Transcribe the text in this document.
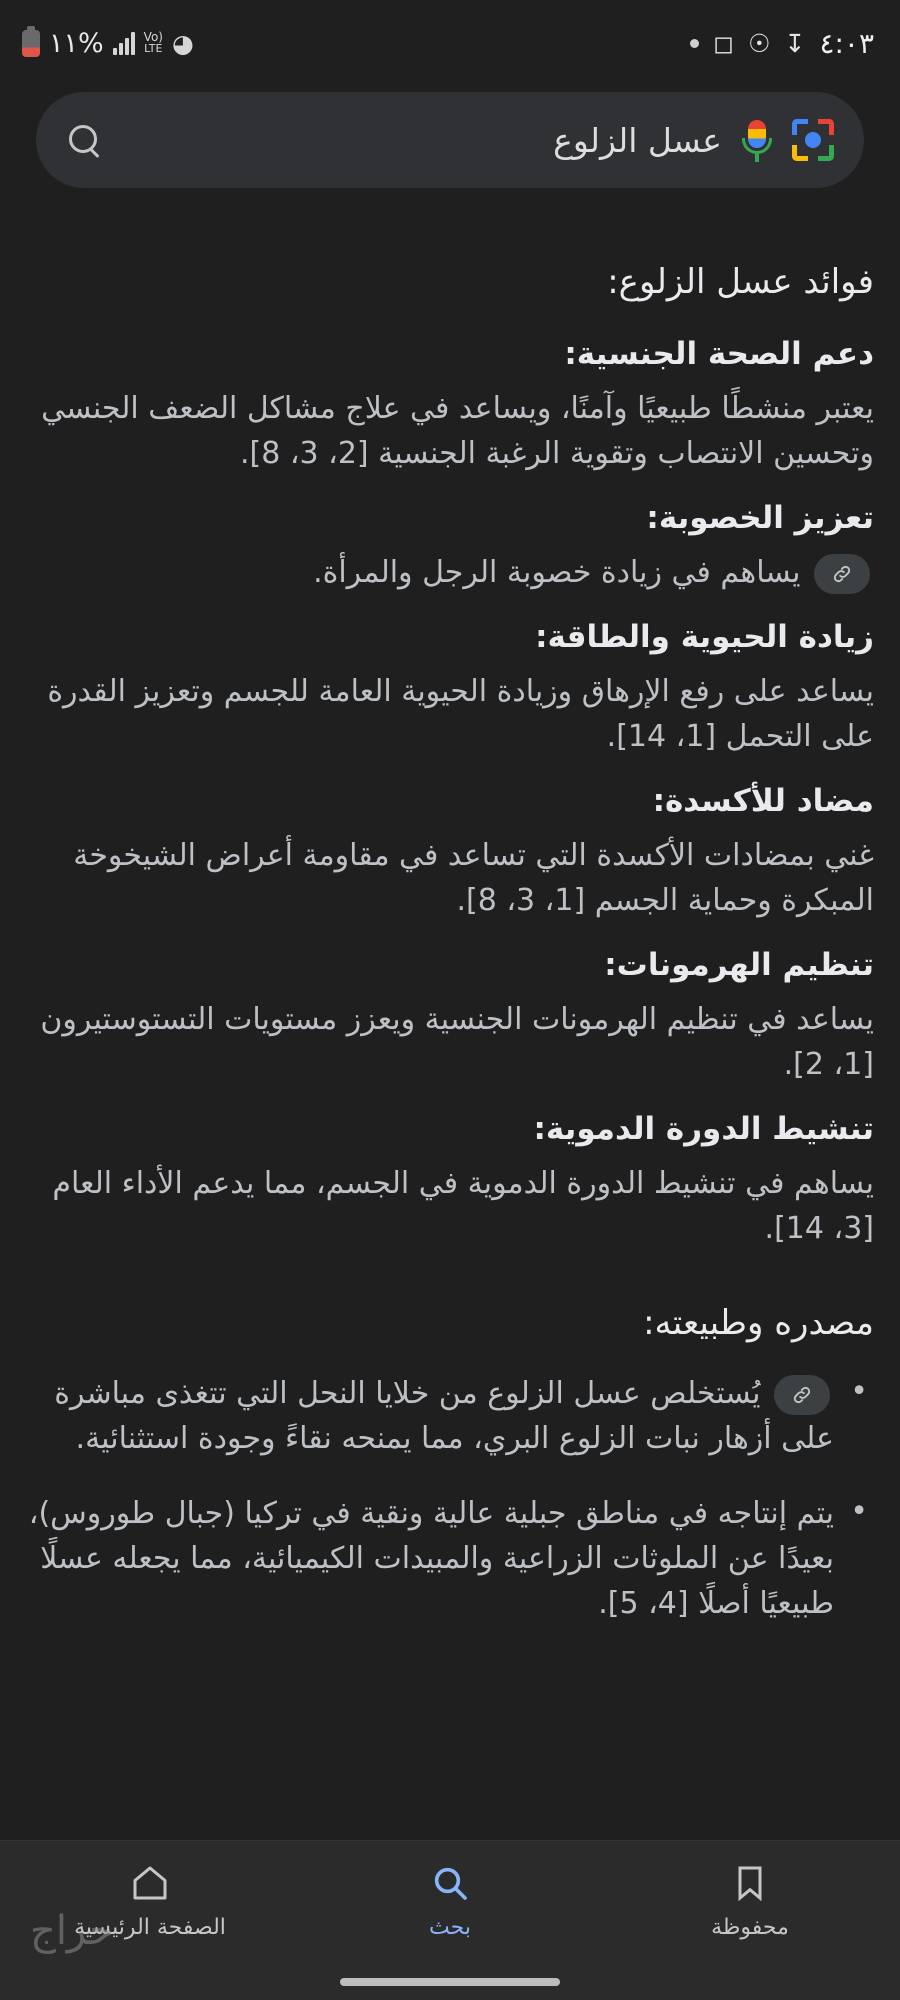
١١%	Vo)
LTE ◕	◻ ☉ ↧ ٤:٠٣
عسل الزلوع
فوائد عسل الزلوع:
دعم الصحة الجنسية:
يعتبر منشطًا طبيعيًا وآمنًا، ويساعد في علاج مشاكل الضعف الجنسي وتحسين الانتصاب وتقوية الرغبة الجنسية [2، 3، 8].
تعزيز الخصوبة:
يساهم في زيادة خصوبة الرجل والمرأة.
زيادة الحيوية والطاقة:
يساعد على رفع الإرهاق وزيادة الحيوية العامة للجسم وتعزيز القدرة على التحمل [1، 14].
مضاد للأكسدة:
غني بمضادات الأكسدة التي تساعد في مقاومة أعراض الشيخوخة المبكرة وحماية الجسم [1، 3، 8].
تنظيم الهرمونات:
يساعد في تنظيم الهرمونات الجنسية ويعزز مستويات التستوستيرون [1، 2].
تنشيط الدورة الدموية:
يساهم في تنشيط الدورة الدموية في الجسم، مما يدعم الأداء العام [3، 14].
مصدره وطبيعته:
• يُستخلص عسل الزلوع من خلايا النحل التي تتغذى مباشرة على أزهار نبات الزلوع البري، مما يمنحه نقاءً وجودة استثنائية.
• يتم إنتاجه في مناطق جبلية عالية ونقية في تركيا (جبال طوروس)، بعيدًا عن الملوثات الزراعية والمبيدات الكيميائية، مما يجعله عسلًا طبيعيًا أصلًا [4، 5].
محفوظة
بحث
الصفحة الرئيسية
حراج
